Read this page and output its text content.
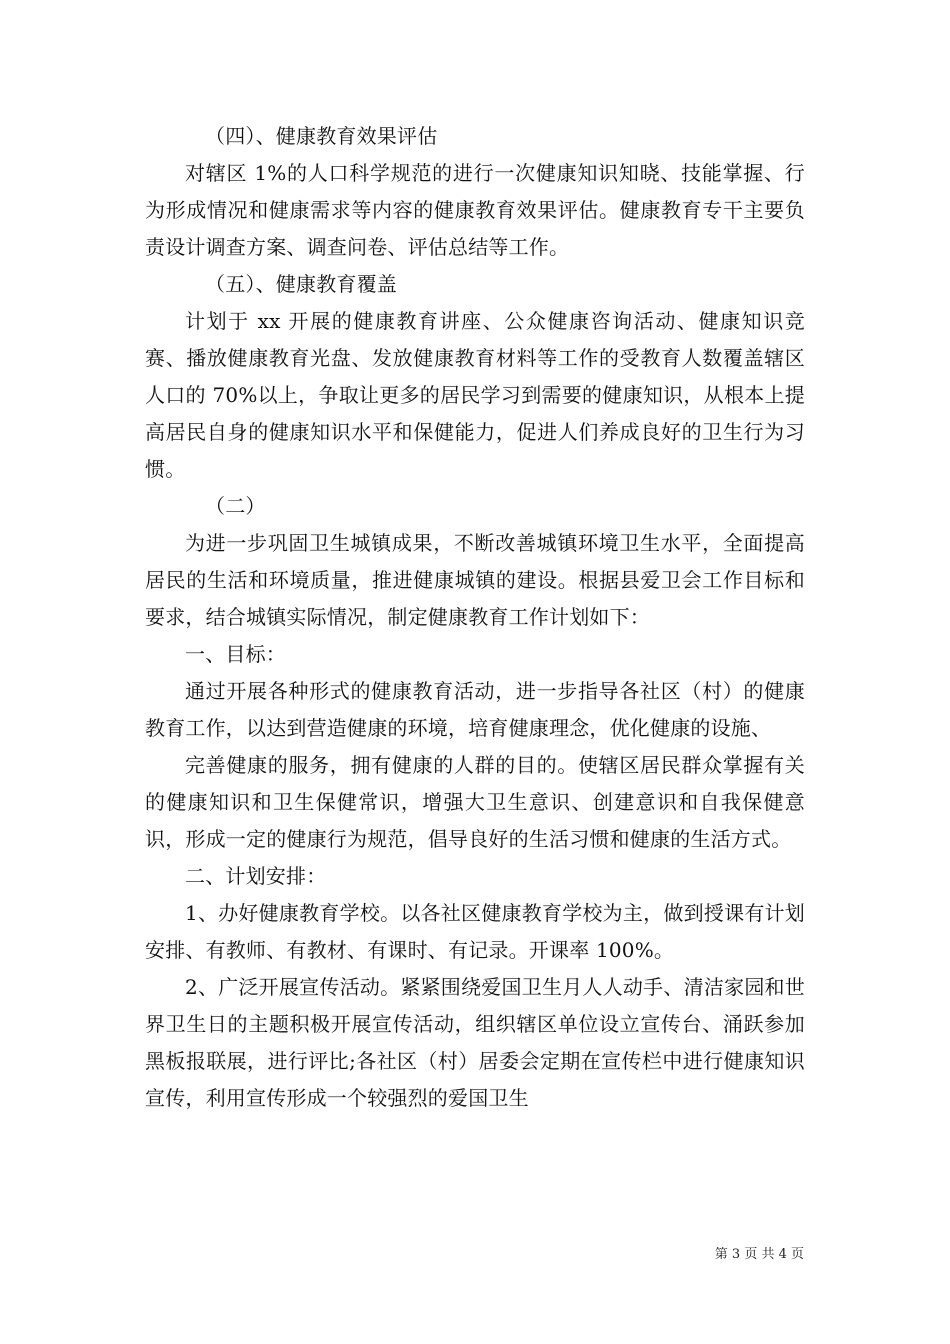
（四）、健康教育效果评估

对辖区 1%的人口科学规范的进行一次健康知识知晓、技能掌握、行为形成情况和健康需求等内容的健康教育效果评估。健康教育专干主要负责设计调查方案、调查问卷、评估总结等工作。

（五）、健康教育覆盖

计划于 xx 开展的健康教育讲座、公众健康咨询活动、健康知识竞赛、播放健康教育光盘、发放健康教育材料等工作的受教育人数覆盖辖区人口的 70%以上，争取让更多的居民学习到需要的健康知识，从根本上提高居民自身的健康知识水平和保健能力，促进人们养成良好的卫生行为习惯。

（二）

为进一步巩固卫生城镇成果，不断改善城镇环境卫生水平，全面提高居民的生活和环境质量，推进健康城镇的建设。根据县爱卫会工作目标和要求，结合城镇实际情况，制定健康教育工作计划如下：

一、目标：

通过开展各种形式的健康教育活动，进一步指导各社区（村）的健康教育工作，以达到营造健康的环境，培育健康理念，优化健康的设施、

完善健康的服务，拥有健康的人群的目的。使辖区居民群众掌握有关的健康知识和卫生保健常识，增强大卫生意识、创建意识和自我保健意识，形成一定的健康行为规范，倡导良好的生活习惯和健康的生活方式。

二、计划安排：

1、办好健康教育学校。以各社区健康教育学校为主，做到授课有计划安排、有教师、有教材、有课时、有记录。开课率 100%。

2、广泛开展宣传活动。紧紧围绕爱国卫生月人人动手、清洁家园和世界卫生日的主题积极开展宣传活动，组织辖区单位设立宣传台、涌跃参加黑板报联展，进行评比;各社区（村）居委会定期在宣传栏中进行健康知识宣传，利用宣传形成一个较强烈的爱国卫生

第 3 页 共 4 页
